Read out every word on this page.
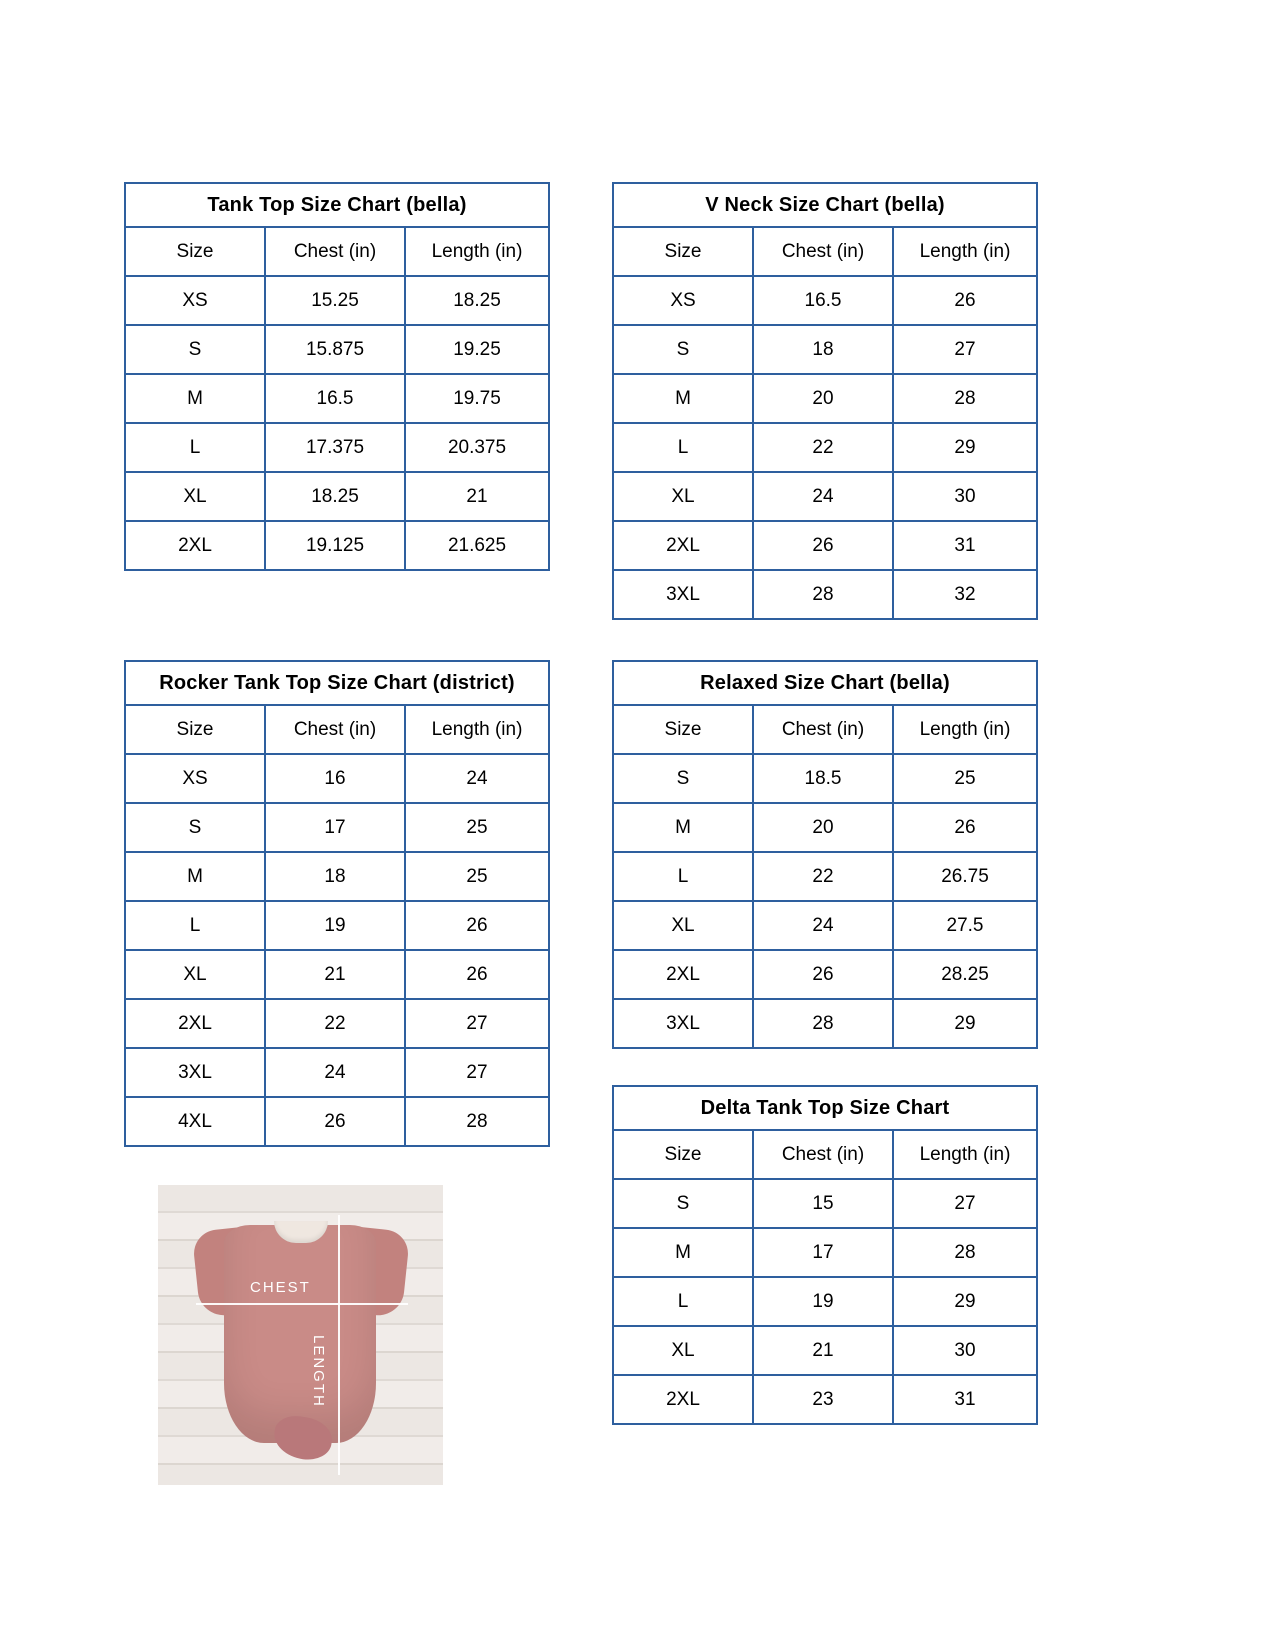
Tank Top Size Chart (bella)		
Size	Chest (in)	Length (in)
XS	15.25	18.25
S	15.875	19.25
M	16.5	19.75
L	17.375	20.375
XL	18.25	21
2XL	19.125	21.625
Rocker Tank Top Size Chart (district)		
Size	Chest (in)	Length (in)
XS	16	24
S	17	25
M	18	25
L	19	26
XL	21	26
2XL	22	27
3XL	24	27
4XL	26	28
V Neck Size Chart (bella)		
Size	Chest (in)	Length (in)
XS	16.5	26
S	18	27
M	20	28
L	22	29
XL	24	30
2XL	26	31
3XL	28	32
Relaxed Size Chart (bella)		
Size	Chest (in)	Length (in)
S	18.5	25
M	20	26
L	22	26.75
XL	24	27.5
2XL	26	28.25
3XL	28	29
Delta Tank Top Size Chart		
Size	Chest (in)	Length (in)
S	15	27
M	17	28
L	19	29
XL	21	30
2XL	23	31
CHEST
LENGTH
